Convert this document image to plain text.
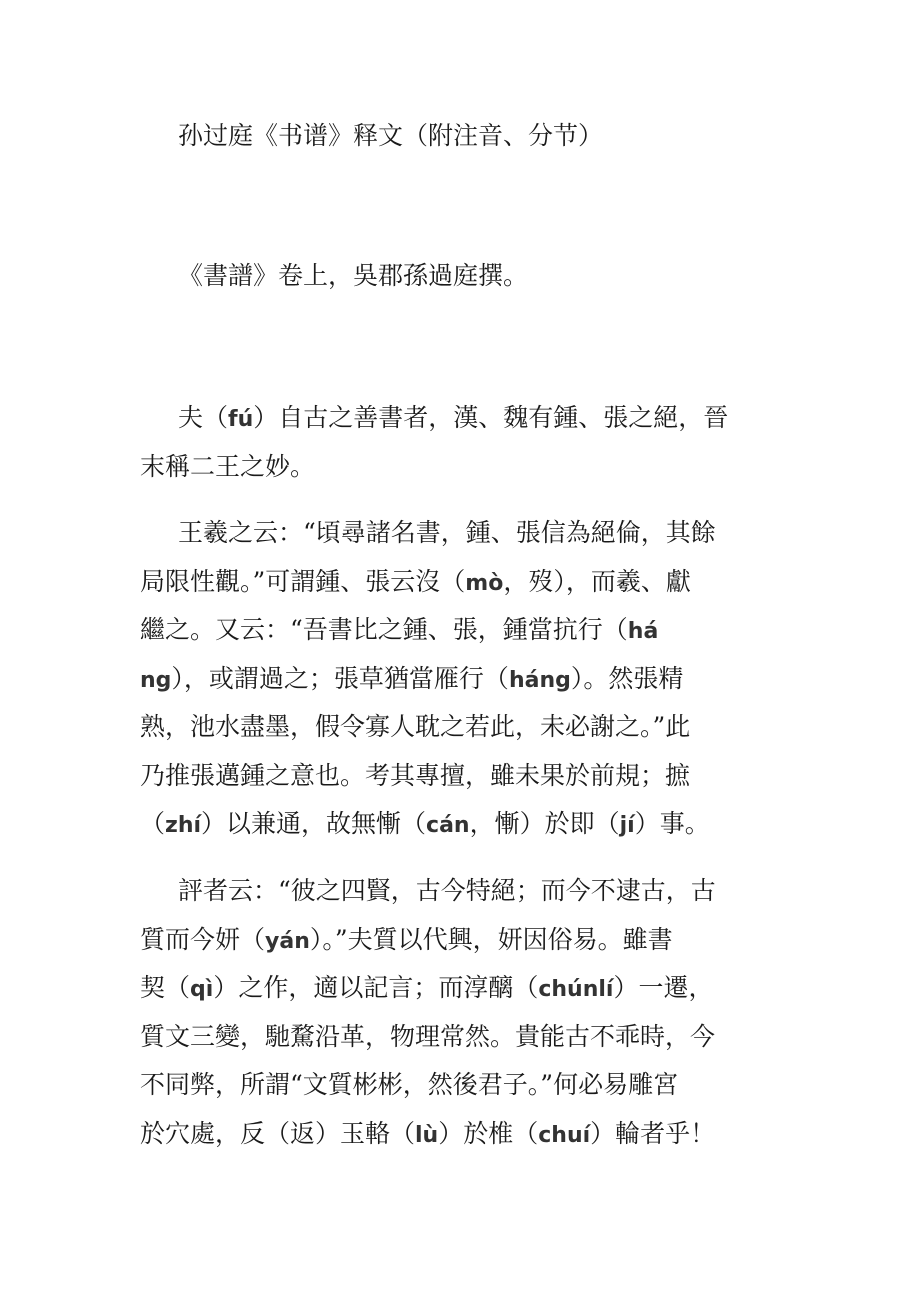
孙过庭《书谱》释文（附注音、分节）

《書譜》卷上，吳郡孫過庭撰。

夫（fú）自古之善書者，漢、魏有鍾、張之絕，晉
末稱二王之妙。

王羲之云：“頃尋諸名書，鍾、張信為絕倫，其餘
局限性觀。”可謂鍾、張云沒（mò，歿），而羲、獻
繼之。又云：“吾書比之鍾、張，鍾當抗行（há
ng），或謂過之；張草猶當雁行（háng）。然張精
熟，池水盡墨，假令寡人耽之若此，未必謝之。”此
乃推張邁鍾之意也。考其專擅，雖未果於前規；摭
（zhí）以兼通，故無慚（cán，慚）於即（jí）事。

評者云：“彼之四賢，古今特絕；而今不逮古，古
質而今妍（yán）。”夫質以代興，妍因俗易。雖書
契（qì）之作，適以記言；而淳醨（chúnlí）一遷，
質文三變，馳騖沿革，物理常然。貴能古不乖時，今
不同弊，所謂“文質彬彬，然後君子。”何必易雕宮
於穴處，反（返）玉輅（lù）於椎（chuí）輪者乎！
